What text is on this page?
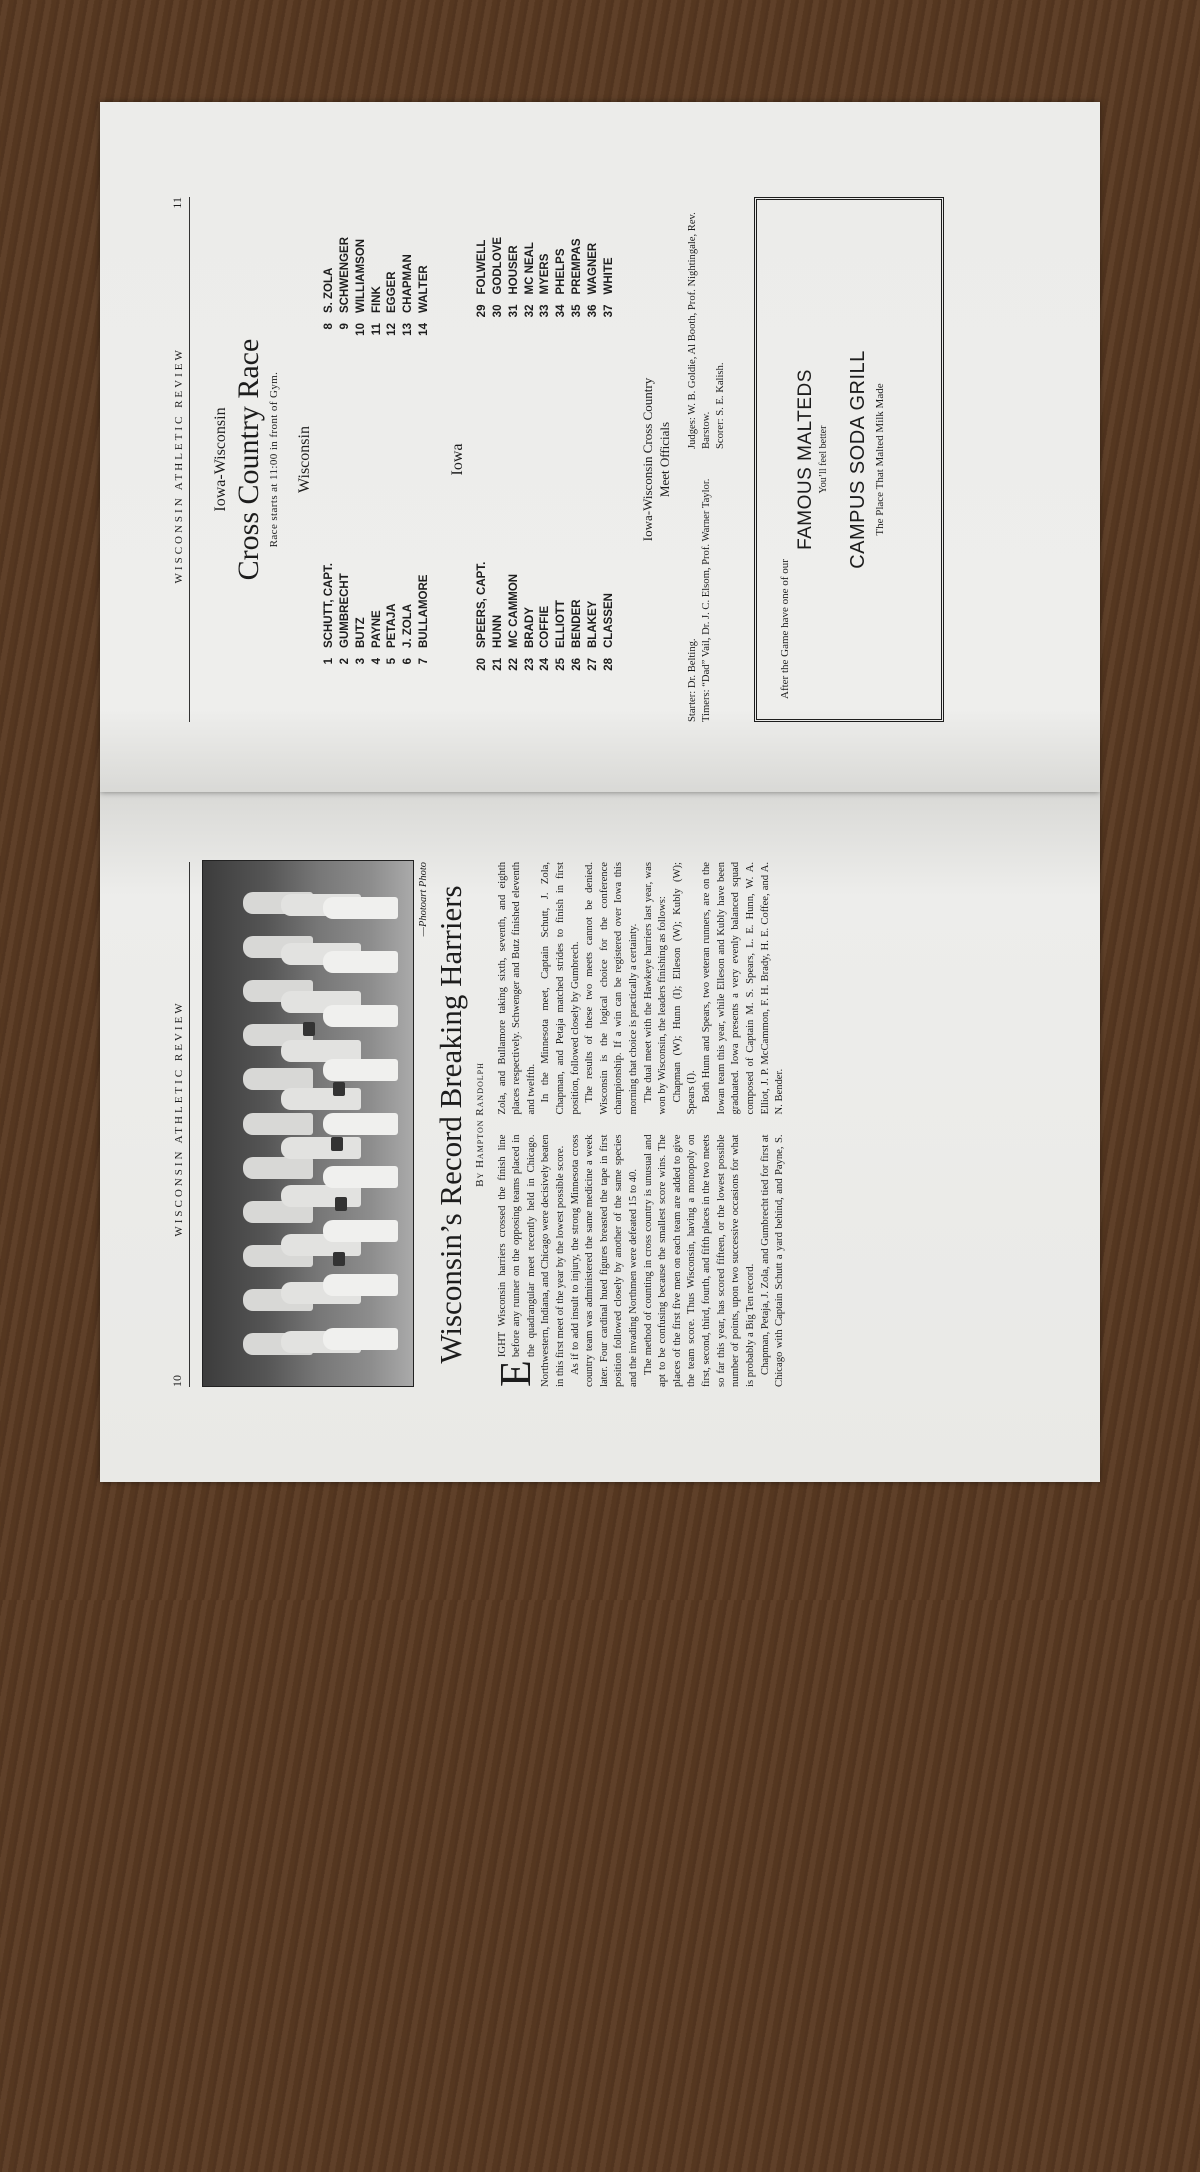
10
WISCONSIN ATHLETIC REVIEW
—Photoart Photo Wisconsin’s Record Breaking Harriers By Hampton Randolph

E
IGHT Wisconsin harriers crossed the finish line before any runner on the opposing teams placed in the quadrangular meet recently held in Chicago. Northwestern, Indiana, and Chicago were decisively beaten in this first meet of the year by the lowest possible score. As if to add insult to injury, the strong Minnesota cross country team was administered the same medicine a week later. Four cardinal hued figures breasted the tape in first position followed closely by another of the same species and the invading Northmen were defeated 15 to 40. The method of counting in cross country is unusual and apt to be confusing because the smallest score wins. The places of the first five men on each team are added to give the team score. Thus Wisconsin, having a monopoly on first, second, third, fourth, and fifth places in the two meets so far this year, has scored fifteen, or the lowest possible number of points, upon two successive occasions for what is probably a Big Ten record. Chapman, Petaja, J. Zola, and Gumbrecht tied for first at Chicago with Captain Schutt a yard behind, and Payne, S. Zola, and Bullamore taking sixth, seventh, and eighth places respectively. Schwenger and Butz finished eleventh and twelfth. In the Minnesota meet, Captain Schutt, J. Zola, Chapman, and Petaja matched strides to finish in first position, followed closely by Gumbrech. The results of these two meets cannot be denied. Wisconsin is the logical choice for the conference championship. If a win can be registered over Iowa this morning that choice is practically a certainty. The dual meet with the Hawkeye harriers last year, was won by Wisconsin, the leaders finishing as follows: Chapman (W); Hunn (I); Elleson (W); Kubly (W); Spears (I). Both Hunn and Spears, two veteran runners, are on the Iowan team this year, while Elleson and Kubly have been graduated. Iowa presents a very evenly balanced squad composed of Captain M. S. Spears, L. E. Hunn, W. A. Elliot, J. P. McCammon, F. H. Brady, H. E. Coffee, and A. N. Bender.

WISCONSIN ATHLETIC REVIEW
11
Iowa-Wisconsin Cross Country Race Race starts at 11:00 in front of Gym. Wisconsin
1
SCHUTT, CAPT.
2
GUMBRECHT
3
BUTZ
4
PAYNE
5
PETAJA
6
J. ZOLA
7
BULLAMORE
8
S. ZOLA
9
SCHWENGER
10
WILLIAMSON
11
FINK
12
EGGER
13
CHAPMAN
14
WALTER
Iowa
20
SPEERS, CAPT.
21
HUNN
22
MC CAMMON
23
BRADY
24
COFFIE
25
ELLIOTT
26
BENDER
27
BLAKEY
28
CLASSEN
29
FOLWELL
30
GODLOVE
31
HOUSER
32
MC NEAL
33
MYERS
34
PHELPS
35
PREMPAS
36
WAGNER
37
WHITE
Iowa-Wisconsin Cross Country Meet Officials
Starter: Dr. Belting. Timers: “Dad” Vail, Dr. J. C. Elsom, Prof. Warner Taylor.
Judges: W. B. Goldie, Al Booth, Prof. Nightingale, Rev. Barstow. Scorer: S. E. Kalish.
After the Game have one of our
FAMOUS MALTEDS You’ll feel better CAMPUS SODA GRILL The Place That Malted Milk Made
